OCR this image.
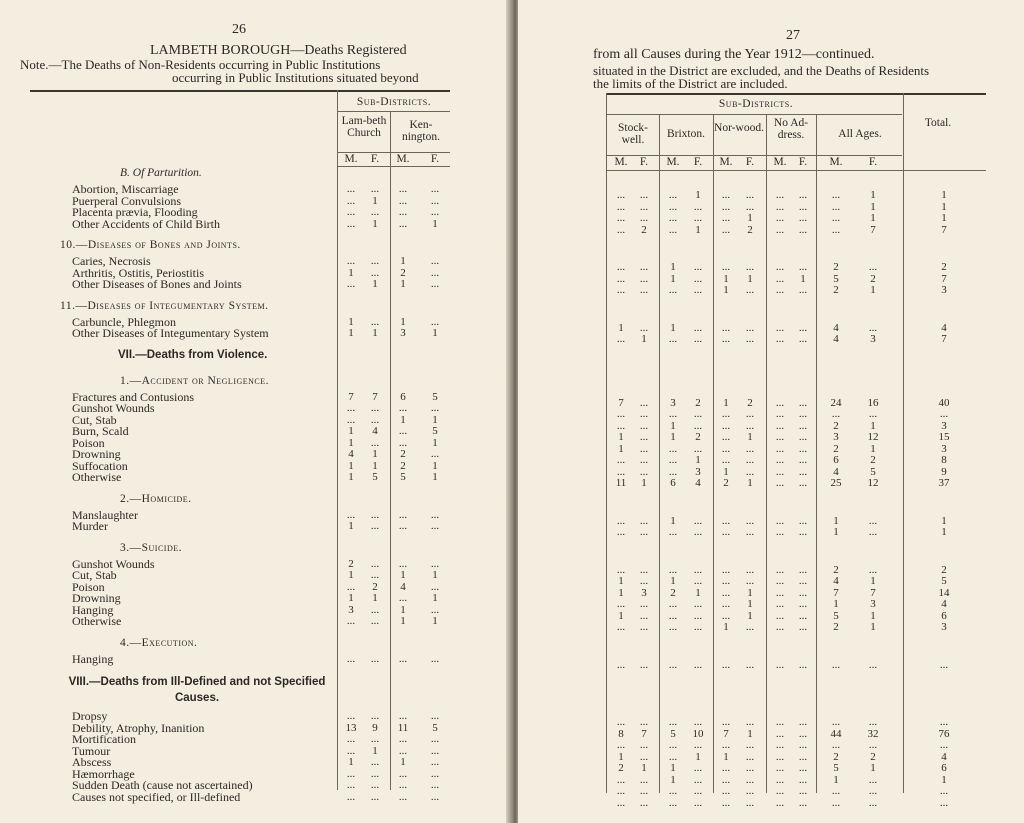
26
LAMBETH BOROUGH—Deaths Registered
Note.—The Deaths of Non-Residents occurring in Public Institutions
occurring in Public Institutions situated beyond
Sub-Districts.
Lam-beth Church
Ken-nington.
M.	F.	M.	F.
B. Of Parturition.
Abortion, Miscarriage	...	...	...	...
Puerperal Convulsions	...	1	...	...
Placenta prævia, Flooding	...	...	...	...
Other Accidents of Child Birth	...	1	...	1
10.—Diseases of Bones and Joints.
Caries, Necrosis	...	...	1	...
Arthritis, Ostitis, Periostitis	1	...	2	...
Other Diseases of Bones and Joints	...	1	1	...
11.—Diseases of Integumentary System.
Carbuncle, Phlegmon	1	...	1	...
Other Diseases of Integumentary System	1	1	3	1
VII.—Deaths from Violence.
1.—Accident or Negligence.
Fractures and Contusions	7	7	6	5
Gunshot Wounds	...	...	...	...
Cut, Stab	...	...	1	1
Burn, Scald	1	4	...	5
Poison	1	...	...	1
Drowning	4	1	2	...
Suffocation	1	1	2	1
Otherwise	1	5	5	1
2.—Homicide.
Manslaughter	...	...	...	...
Murder	1	...	...	...
3.—Suicide.
Gunshot Wounds	2	...	...	...
Cut, Stab	1	...	1	1
Poison	...	2	4	...
Drowning	1	1	...	1
Hanging	3	...	1	...
Otherwise	...	...	1	1
4.—Execution.
Hanging	...	...	...	...
VIII.—Deaths from Ill-Defined and not Specified Causes.
Dropsy	...	...	...	...
Debility, Atrophy, Inanition	13	9	11	5
Mortification	...	...	...	...
Tumour	...	1	...	...
Abscess	1	...	1	...
Hæmorrhage	...	...	...	...
Sudden Death (cause not ascertained)	...	...	...	...
Causes not specified, or Ill-defined	...	...	...	...
27
from all Causes during the Year 1912—continued.
situated in the District are excluded, and the Deaths of Residents
the limits of the District are included.
Sub-Districts.
Total.
Stock-well.	Brixton. Nor-wood. No Ad-dress.	All Ages.
M.	F.	M.	F.	M.	F.	M.	F.	M.	F.
...	...	...	1	...	...	...	...	...	1	1
...	...	...	...	...	...	...	...	...	1	1
...	...	...	...	...	1	...	...	...	1	1
...	2	...	1	...	2	...	...	...	7	7
...	...	1	...	...	...	...	...	2	...	2
...	...	1	...	1	1	...	1	5	2	7
...	...	...	...	1	...	...	...	2	1	3
1	...	1	...	...	...	...	...	4	...	4
...	1	...	...	...	...	...	...	4	3	7
7	...	3	2	1	2	...	...	24	16	40
...	...	...	...	...	...	...	...	...	...	...
...	...	1	...	...	...	...	...	2	1	3
1	...	1	2	...	1	...	...	3	12	15
1	...	...	...	...	...	...	...	2	1	3
...	...	...	1	...	...	...	...	6	2	8
...	...	...	3	1	...	...	...	4	5	9
11	1	6	4	2	1	...	...	25	12	37
...	...	1	...	...	...	...	...	1	...	1
...	...	...	...	...	...	...	...	1	...	1
...	...	...	...	...	...	...	...	2	...	2
1	...	1	...	...	...	...	...	4	1	5
1	3	2	1	...	1	...	...	7	7	14
...	...	...	...	...	1	...	...	1	3	4
1	...	...	...	...	1	...	...	5	1	6
...	...	...	...	1	...	...	...	2	1	3
...	...	...	...	...	...	...	...	...	...	...
...	...	...	...	...	...	...	...	...	...	...
8	7	5	10	7	1	...	...	44	32	76
...	...	...	...	...	...	...	...	...	...	...
1	...	...	1	1	...	...	...	2	2	4
2	1	1	...	...	...	...	...	5	1	6
...	...	1	...	...	...	...	...	1	...	1
...	...	...	...	...	...	...	...	...	...	...
...	...	...	...	...	...	...	...	...	...	...
